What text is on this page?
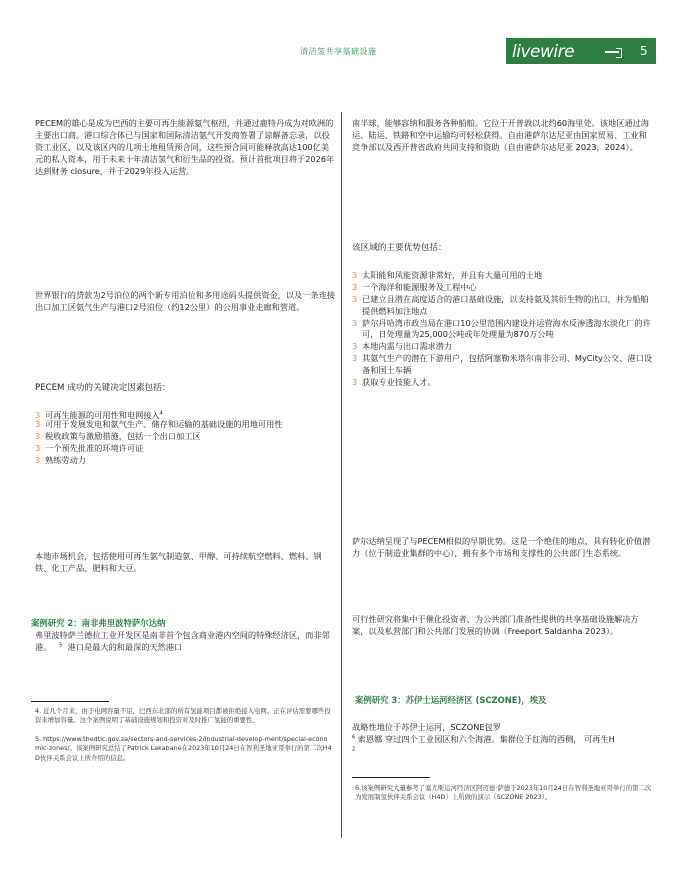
清洁氢共享基础设施	livewire	5

PECEM的雄心是成为巴西的主要可再生能源氨气枢纽，并通过鹿特丹成为对欧洲的主要出口商。港口综合体已与国家和国际清洁氨气开发商签署了谅解备忘录，以投资工业区，以及该区内的几项土地租赁预合同，这些预合同可能释放高达100亿美元的私人资本，用于未来十年清洁氢气和衍生品的投资。预计首批项目将于2026年达到财务 closure，并于2029年投入运营。

世界银行的贷款为2号泊位的两个新专用泊位和多用途码头提供资金，以及一条连接出口加工区氨气生产与港口2号泊位（约12公里）的公用事业走廊和管道。

PECEM 成功的关键决定因素包括：

3 可再生能源的可用性和电网接入$^4$
3 可用于发展发电和氨气生产、储存和运输的基础设施的用地可用性
3 税收政策与激励措施，包括一个出口加工区
3 一个预先批准的环境许可证
3 熟练劳动力

本地市场机会，包括使用可再生氨气制造氨、甲醇、可持续航空燃料、燃料、钢铁、化工产品、肥料和大豆。

案例研究 2：南非弗里波特萨尔达纳

弗里波特萨兰德拉工业开发区是南非首个包含商业港内空间的特殊经济区，而非邻港。 $^5$ 港口是最大的和最深的天然港口

4. 近几个月来，由于电网容量不足，巴西东北部的所有氢能项目都被拒绝接入电网。正在评估需要哪些投资来增加容量。这个案例说明了基础设施规划和投资对及时推广氢能的重要性。

5. https://www.thedtic.gov.za/sectors-and-services-2/industrial-develop-ment/special-economic-zones/。该案例研究总结了Patrick Lakabane在2023年10月24日在智利圣地亚哥举行的第二次H4D伙伴关系会议上所介绍的信息。

南半球，能够容纳和服务各种船舶。它位于开普敦以北约60海里处。该地区通过海运、陆运、铁路和空中运输均可轻松获得。自由港萨尔达尼亚由国家贸易、工业和竞争部以及西开普省政府共同支持和资助（自由港萨尔达尼亚 2023，2024）。

该区域的主要优势包括：

3 太阳能和风能资源非常好，并且有大量可用的土地
3 一个海洋和能源服务及工程中心
3 已建立且潜在高度适合的港口基础设施，以支持氨及其衍生物的出口，并为船舶提供燃料加注地点
3 萨尔丹哈湾市政当局在港口10公里范围内建设并运营海水反渗透海水淡化厂的许可，日处理量为25,000公吨或年处理量为870万公吨
3 本地内需与出口需求潜力
3 其氨气生产的潜在下游用户，包括阿塞勒米塔尔南非公司、MyCity公交、港口设备和国土车辆
3 获取专业技能人才。

萨尔达纳呈现了与PECEM相似的早期优势。这是一个绝佳的地点，具有转化价值潜力（位于制造业集群的中心），拥有多个市场和支撑性的公共部门生态系统。

可行性研究将集中于催化投资者、为公共部门准备性提供的共享基础设施解决方案，以及私营部门和公共部门发展的协调（Freeport Saldanha 2023）。

案例研究 3：苏伊士运河经济区 (SCZONE)，埃及

战略性地位于苏伊士运河，SCZONE包罗
$^6$ 索恩娜 穿过四个工业园区和六个海港。集群位于红海的西侧， 可再生H
$^2$

6.该案例研究大量参考了塞尤斯运河经济区阿迈德·萨德于2023年10月24日在智利圣地亚哥举行的第二次为发展制氢伙伴关系会议（H4D）上所做的演示（SCZONE 2023）。
